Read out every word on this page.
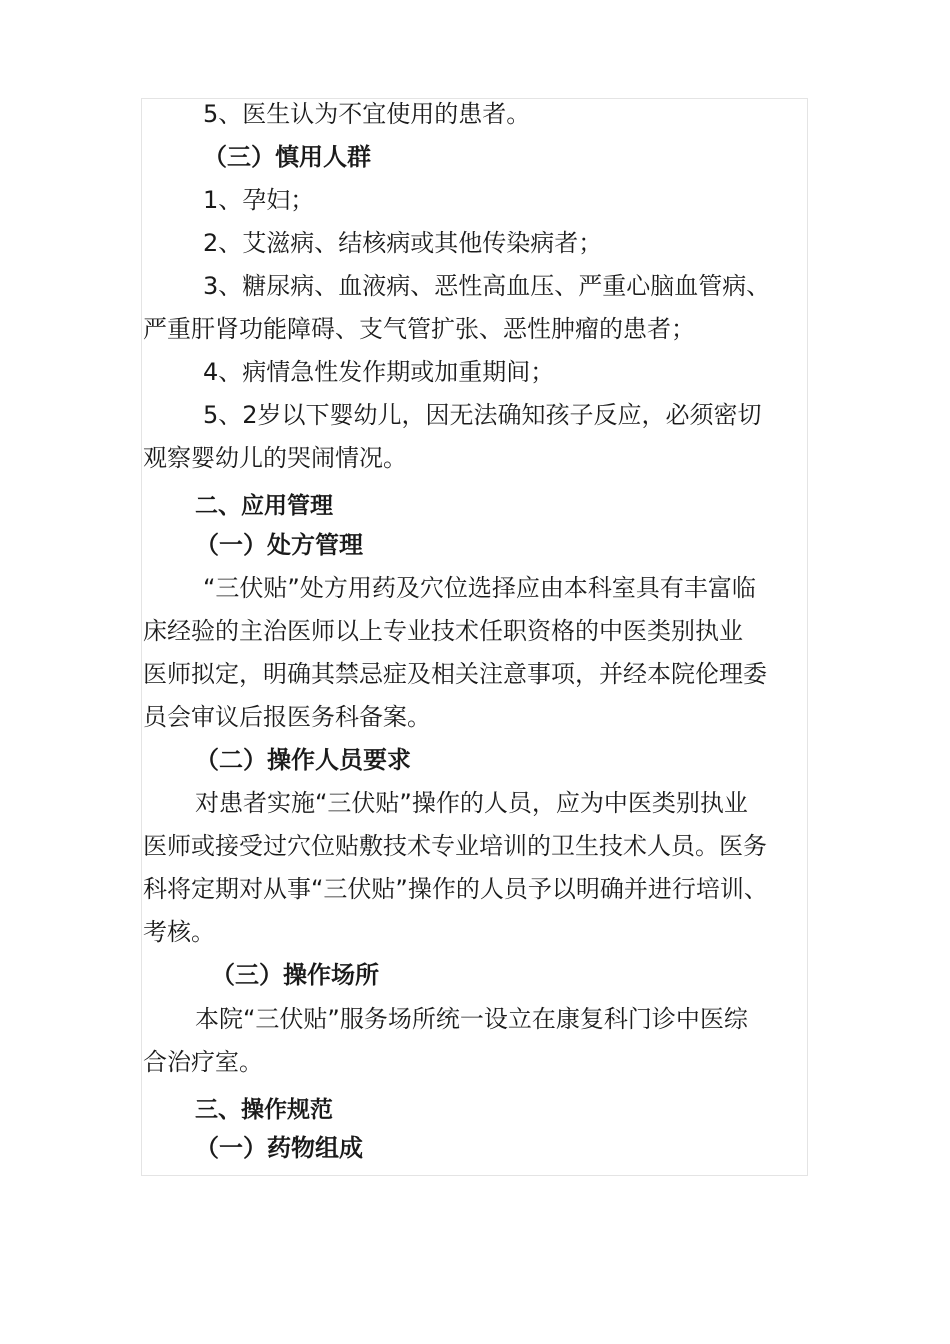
5、医生认为不宜使用的患者。
（三）慎用人群
1、孕妇；
2、艾滋病、结核病或其他传染病者；
3、糖尿病、血液病、恶性高血压、严重心脑血管病、
严重肝肾功能障碍、支气管扩张、恶性肿瘤的患者；
4、病情急性发作期或加重期间；
5、2岁以下婴幼儿，因无法确知孩子反应，必须密切
观察婴幼儿的哭闹情况。
二、应用管理
（一）处方管理
“三伏贴”处方用药及穴位选择应由本科室具有丰富临
床经验的主治医师以上专业技术任职资格的中医类别执业
医师拟定，明确其禁忌症及相关注意事项，并经本院伦理委
员会审议后报医务科备案。
（二）操作人员要求
对患者实施“三伏贴”操作的人员，应为中医类别执业
医师或接受过穴位贴敷技术专业培训的卫生技术人员。医务
科将定期对从事“三伏贴”操作的人员予以明确并进行培训、
考核。
（三）操作场所
本院“三伏贴”服务场所统一设立在康复科门诊中医综
合治疗室。
三、操作规范
（一）药物组成
